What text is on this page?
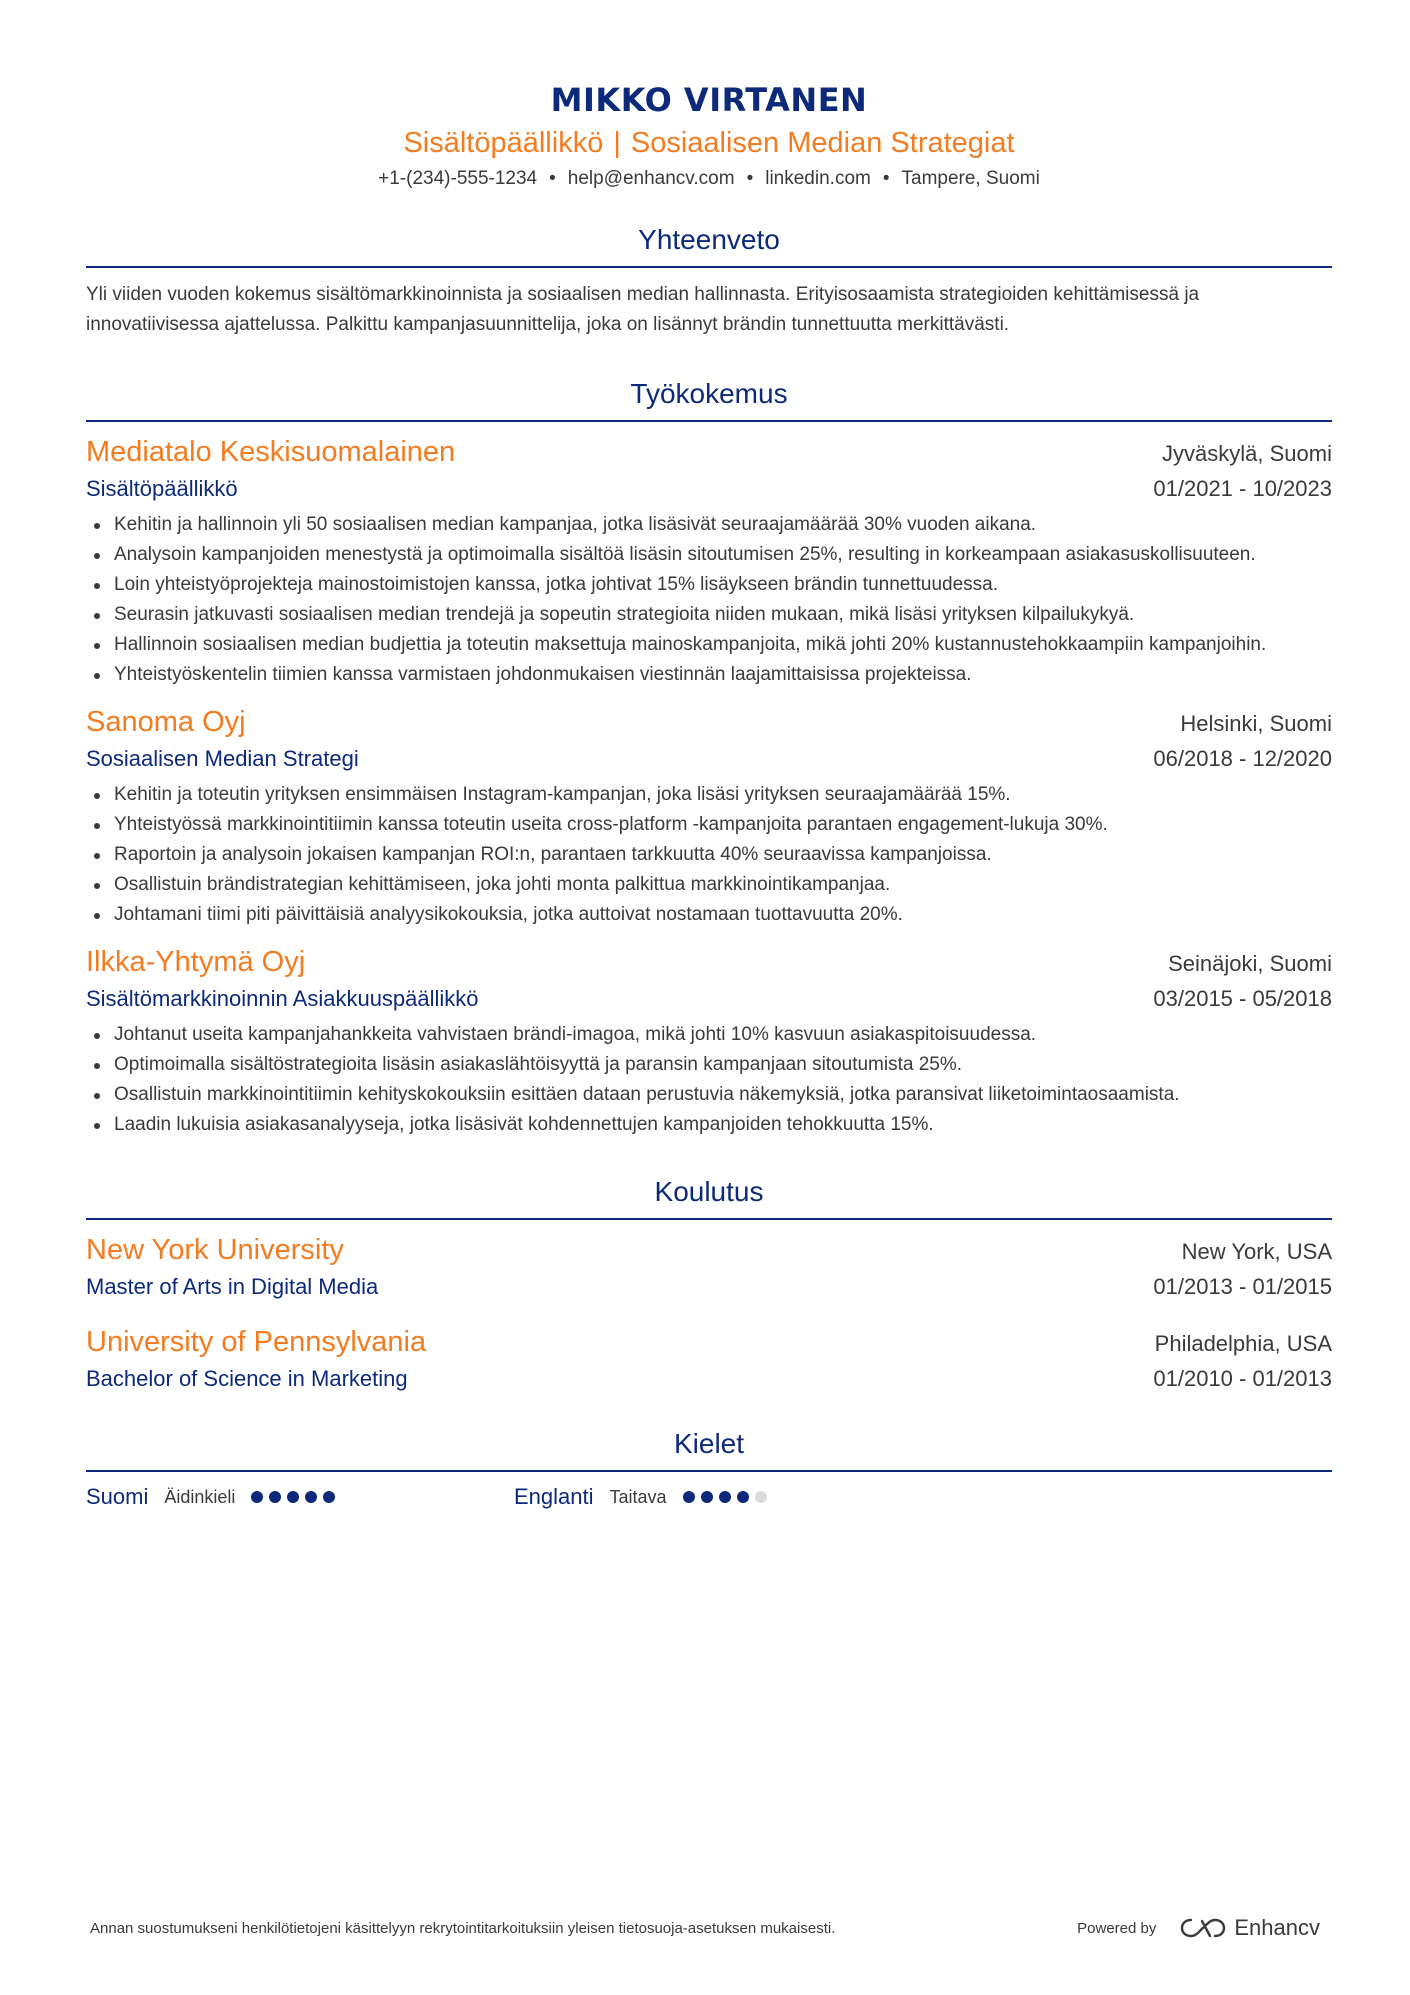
MIKKO VIRTANEN
Sisältöpäällikkö | Sosiaalisen Median Strategiat
+1-(234)-555-1234 • help@enhancv.com • linkedin.com • Tampere, Suomi
Yhteenveto
Yli viiden vuoden kokemus sisältömarkkinoinnista ja sosiaalisen median hallinnasta. Erityisosaamista strategioiden kehittämisessä ja innovatiivisessa ajattelussa. Palkittu kampanjasuunnittelija, joka on lisännyt brändin tunnettuutta merkittävästi.
Työkokemus
Mediatalo Keskisuomalainen	Jyväskylä, Suomi
Sisältöpäällikkö	01/2021 - 10/2023
Kehitin ja hallinnoin yli 50 sosiaalisen median kampanjaa, jotka lisäsivät seuraajamäärää 30% vuoden aikana.
Analysoin kampanjoiden menestystä ja optimoimalla sisältöä lisäsin sitoutumisen 25%, resulting in korkeampaan asiakasuskollisuuteen.
Loin yhteistyöprojekteja mainostoimistojen kanssa, jotka johtivat 15% lisäykseen brändin tunnettuudessa.
Seurasin jatkuvasti sosiaalisen median trendejä ja sopeutin strategioita niiden mukaan, mikä lisäsi yrityksen kilpailukykyä.
Hallinnoin sosiaalisen median budjettia ja toteutin maksettuja mainoskampanjoita, mikä johti 20% kustannustehokkaampiin kampanjoihin.
Yhteistyöskentelin tiimien kanssa varmistaen johdonmukaisen viestinnän laajamittaisissa projekteissa.
Sanoma Oyj	Helsinki, Suomi
Sosiaalisen Median Strategi	06/2018 - 12/2020
Kehitin ja toteutin yrityksen ensimmäisen Instagram-kampanjan, joka lisäsi yrityksen seuraajamäärää 15%.
Yhteistyössä markkinointitiimin kanssa toteutin useita cross-platform -kampanjoita parantaen engagement-lukuja 30%.
Raportoin ja analysoin jokaisen kampanjan ROI:n, parantaen tarkkuutta 40% seuraavissa kampanjoissa.
Osallistuin brändistrategian kehittämiseen, joka johti monta palkittua markkinointikampanjaa.
Johtamani tiimi piti päivittäisiä analyysikokouksia, jotka auttoivat nostamaan tuottavuutta 20%.
Ilkka-Yhtymä Oyj	Seinäjoki, Suomi
Sisältömarkkinoinnin Asiakkuuspäällikkö	03/2015 - 05/2018
Johtanut useita kampanjahankkeita vahvistaen brändi-imagoa, mikä johti 10% kasvuun asiakaspitoisuudessa.
Optimoimalla sisältöstrategioita lisäsin asiakaslähtöisyyttä ja paransin kampanjaan sitoutumista 25%.
Osallistuin markkinointitiimin kehityskokouksiin esittäen dataan perustuvia näkemyksiä, jotka paransivat liiketoimintaosaamista.
Laadin lukuisia asiakasanalyyseja, jotka lisäsivät kohdennettujen kampanjoiden tehokkuutta 15%.
Koulutus
New York University	New York, USA
Master of Arts in Digital Media	01/2013 - 01/2015
University of Pennsylvania	Philadelphia, USA
Bachelor of Science in Marketing	01/2010 - 01/2013
Kielet
Suomi Äidinkieli	Englanti Taitava
Annan suostumukseni henkilötietojeni käsittelyyn rekrytointitarkoituksiin yleisen tietosuoja-asetuksen mukaisesti.	Powered by	Enhancv
